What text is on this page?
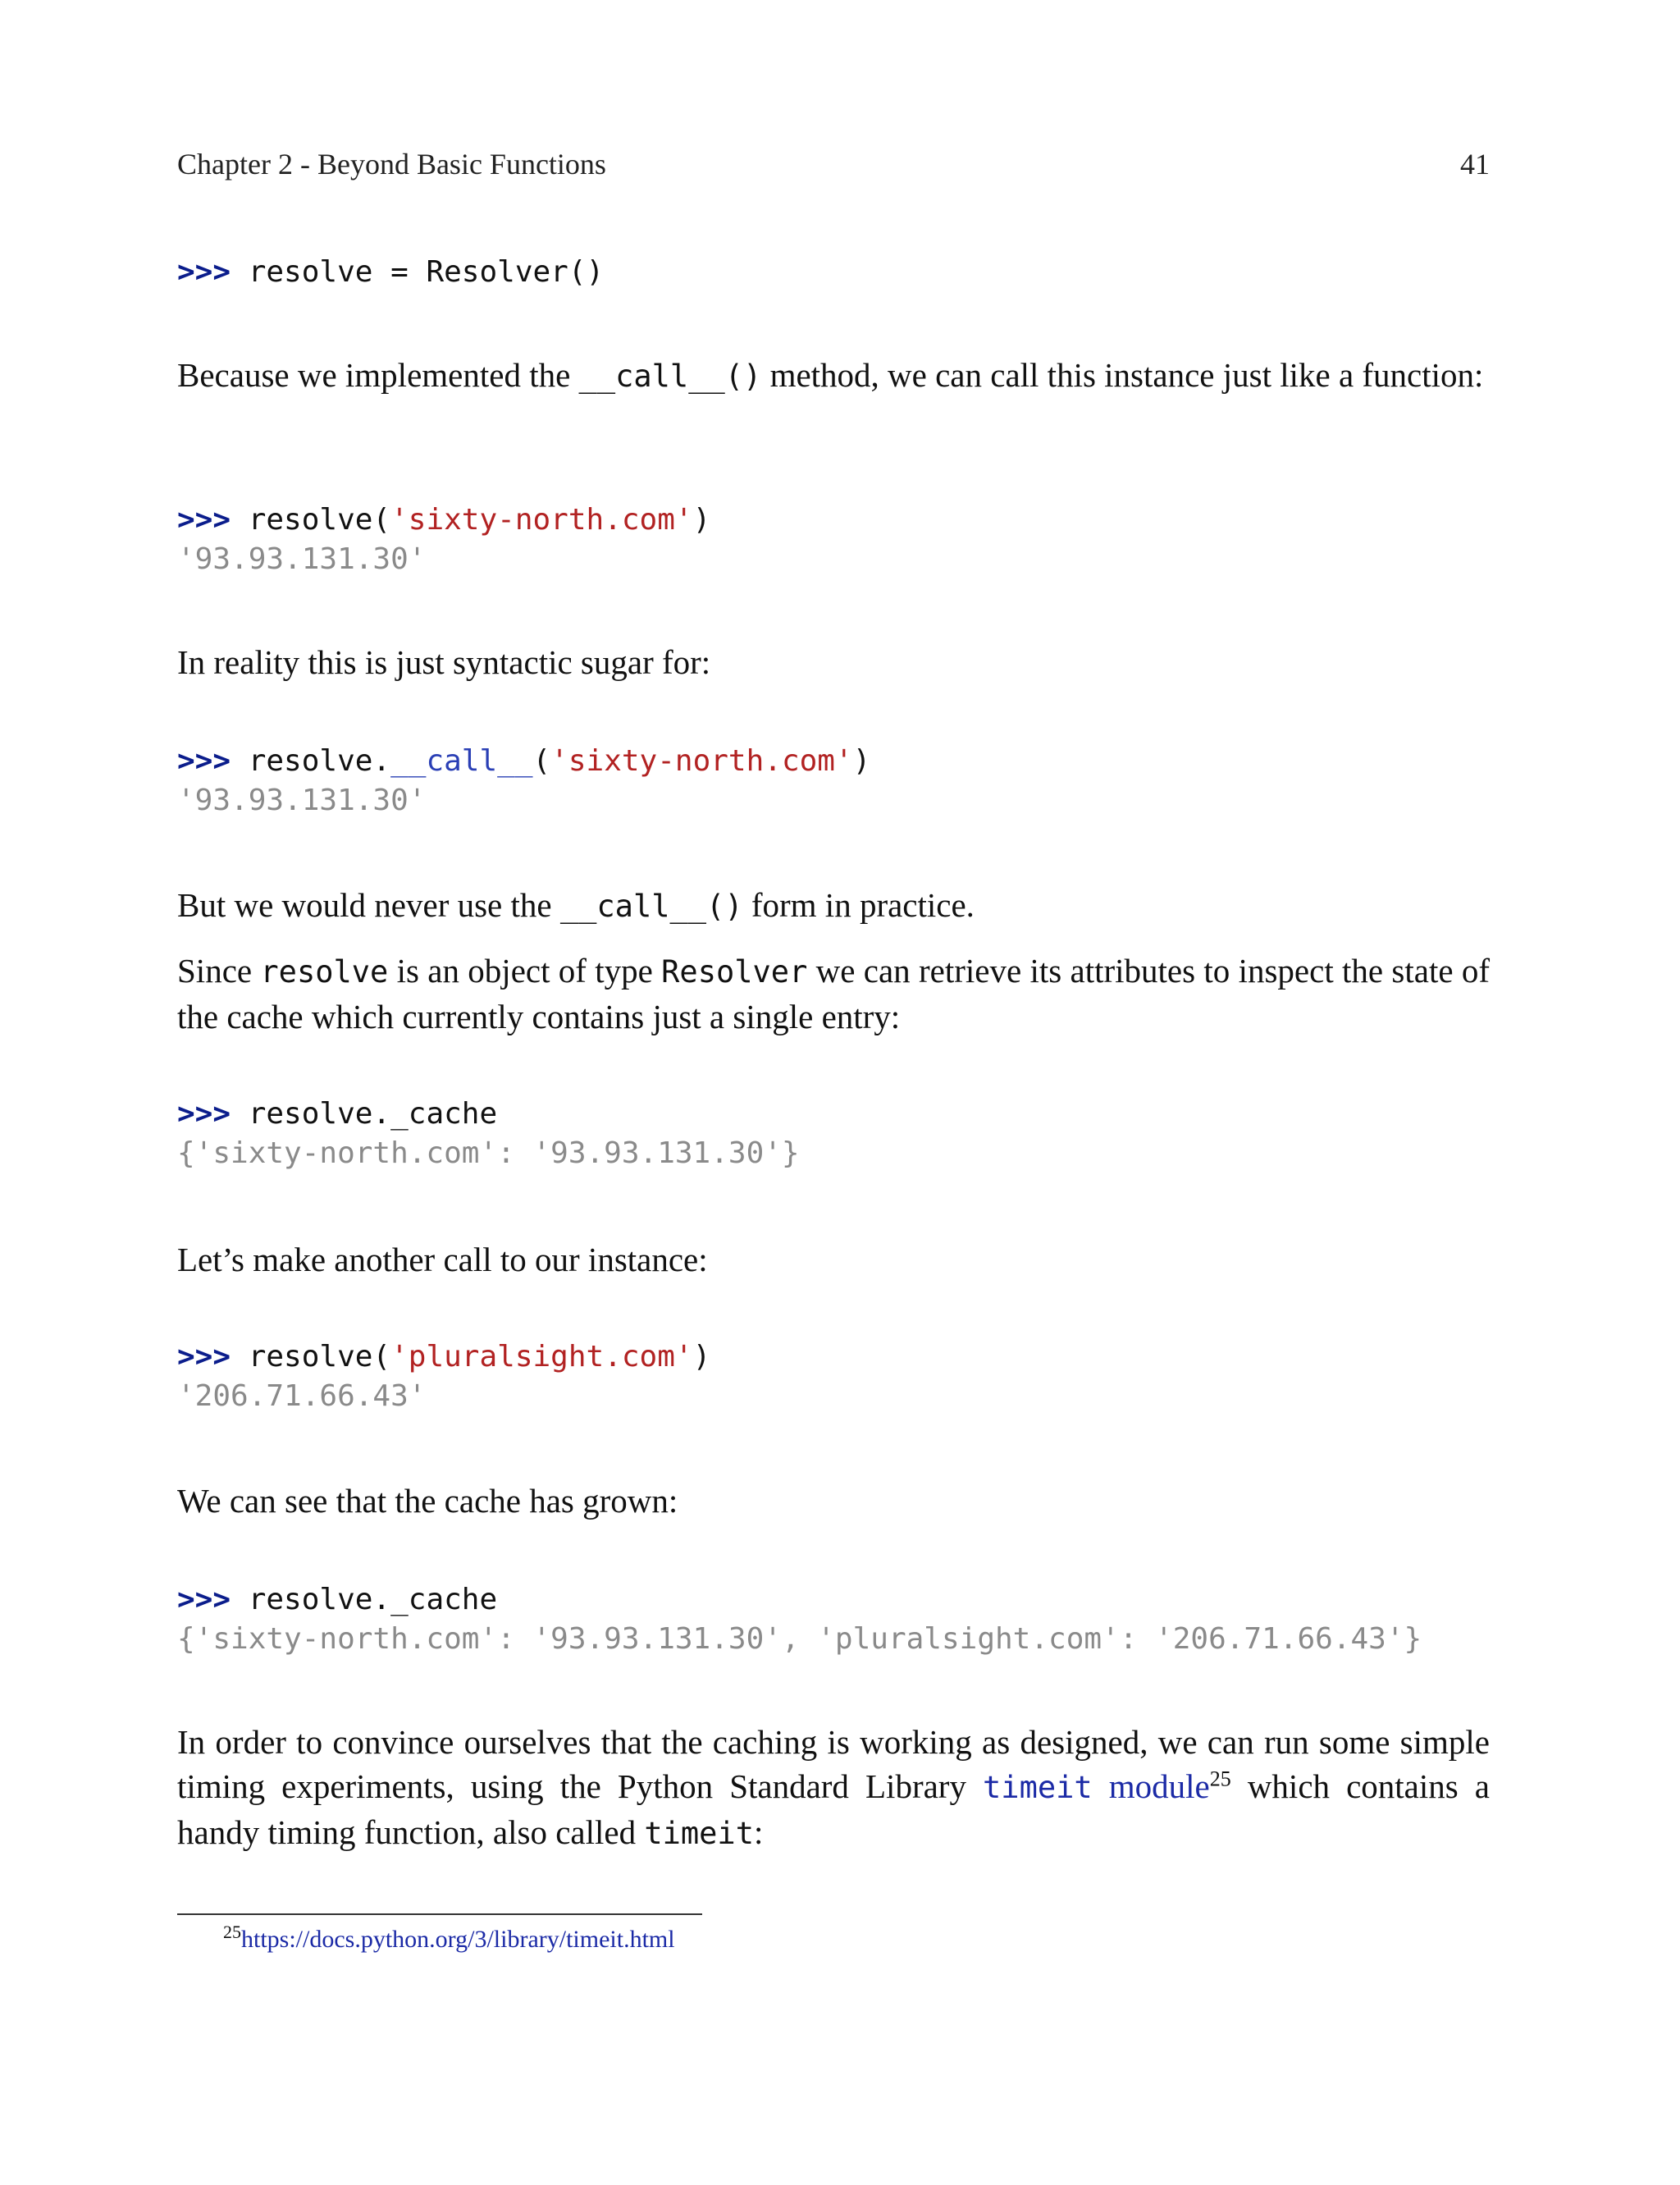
Chapter 2 - Beyond Basic Functions	41
>>> resolve = Resolver()
Because we implemented the __call__() method, we can call this instance just like a function:
>>> resolve('sixty-north.com')
'93.93.131.30'
In reality this is just syntactic sugar for:
>>> resolve.__call__('sixty-north.com')
'93.93.131.30'
But we would never use the __call__() form in practice.
Since resolve is an object of type Resolver we can retrieve its attributes to inspect the state of the cache which currently contains just a single entry:
>>> resolve._cache
{'sixty-north.com': '93.93.131.30'}
Let’s make another call to our instance:
>>> resolve('pluralsight.com')
'206.71.66.43'
We can see that the cache has grown:
>>> resolve._cache
{'sixty-north.com': '93.93.131.30', 'pluralsight.com': '206.71.66.43'}
In order to convince ourselves that the caching is working as designed, we can run some simple timing experiments, using the Python Standard Library timeit module$^{25}$ which contains a handy timing function, also called timeit:
$^{25}$https://docs.python.org/3/library/timeit.html
